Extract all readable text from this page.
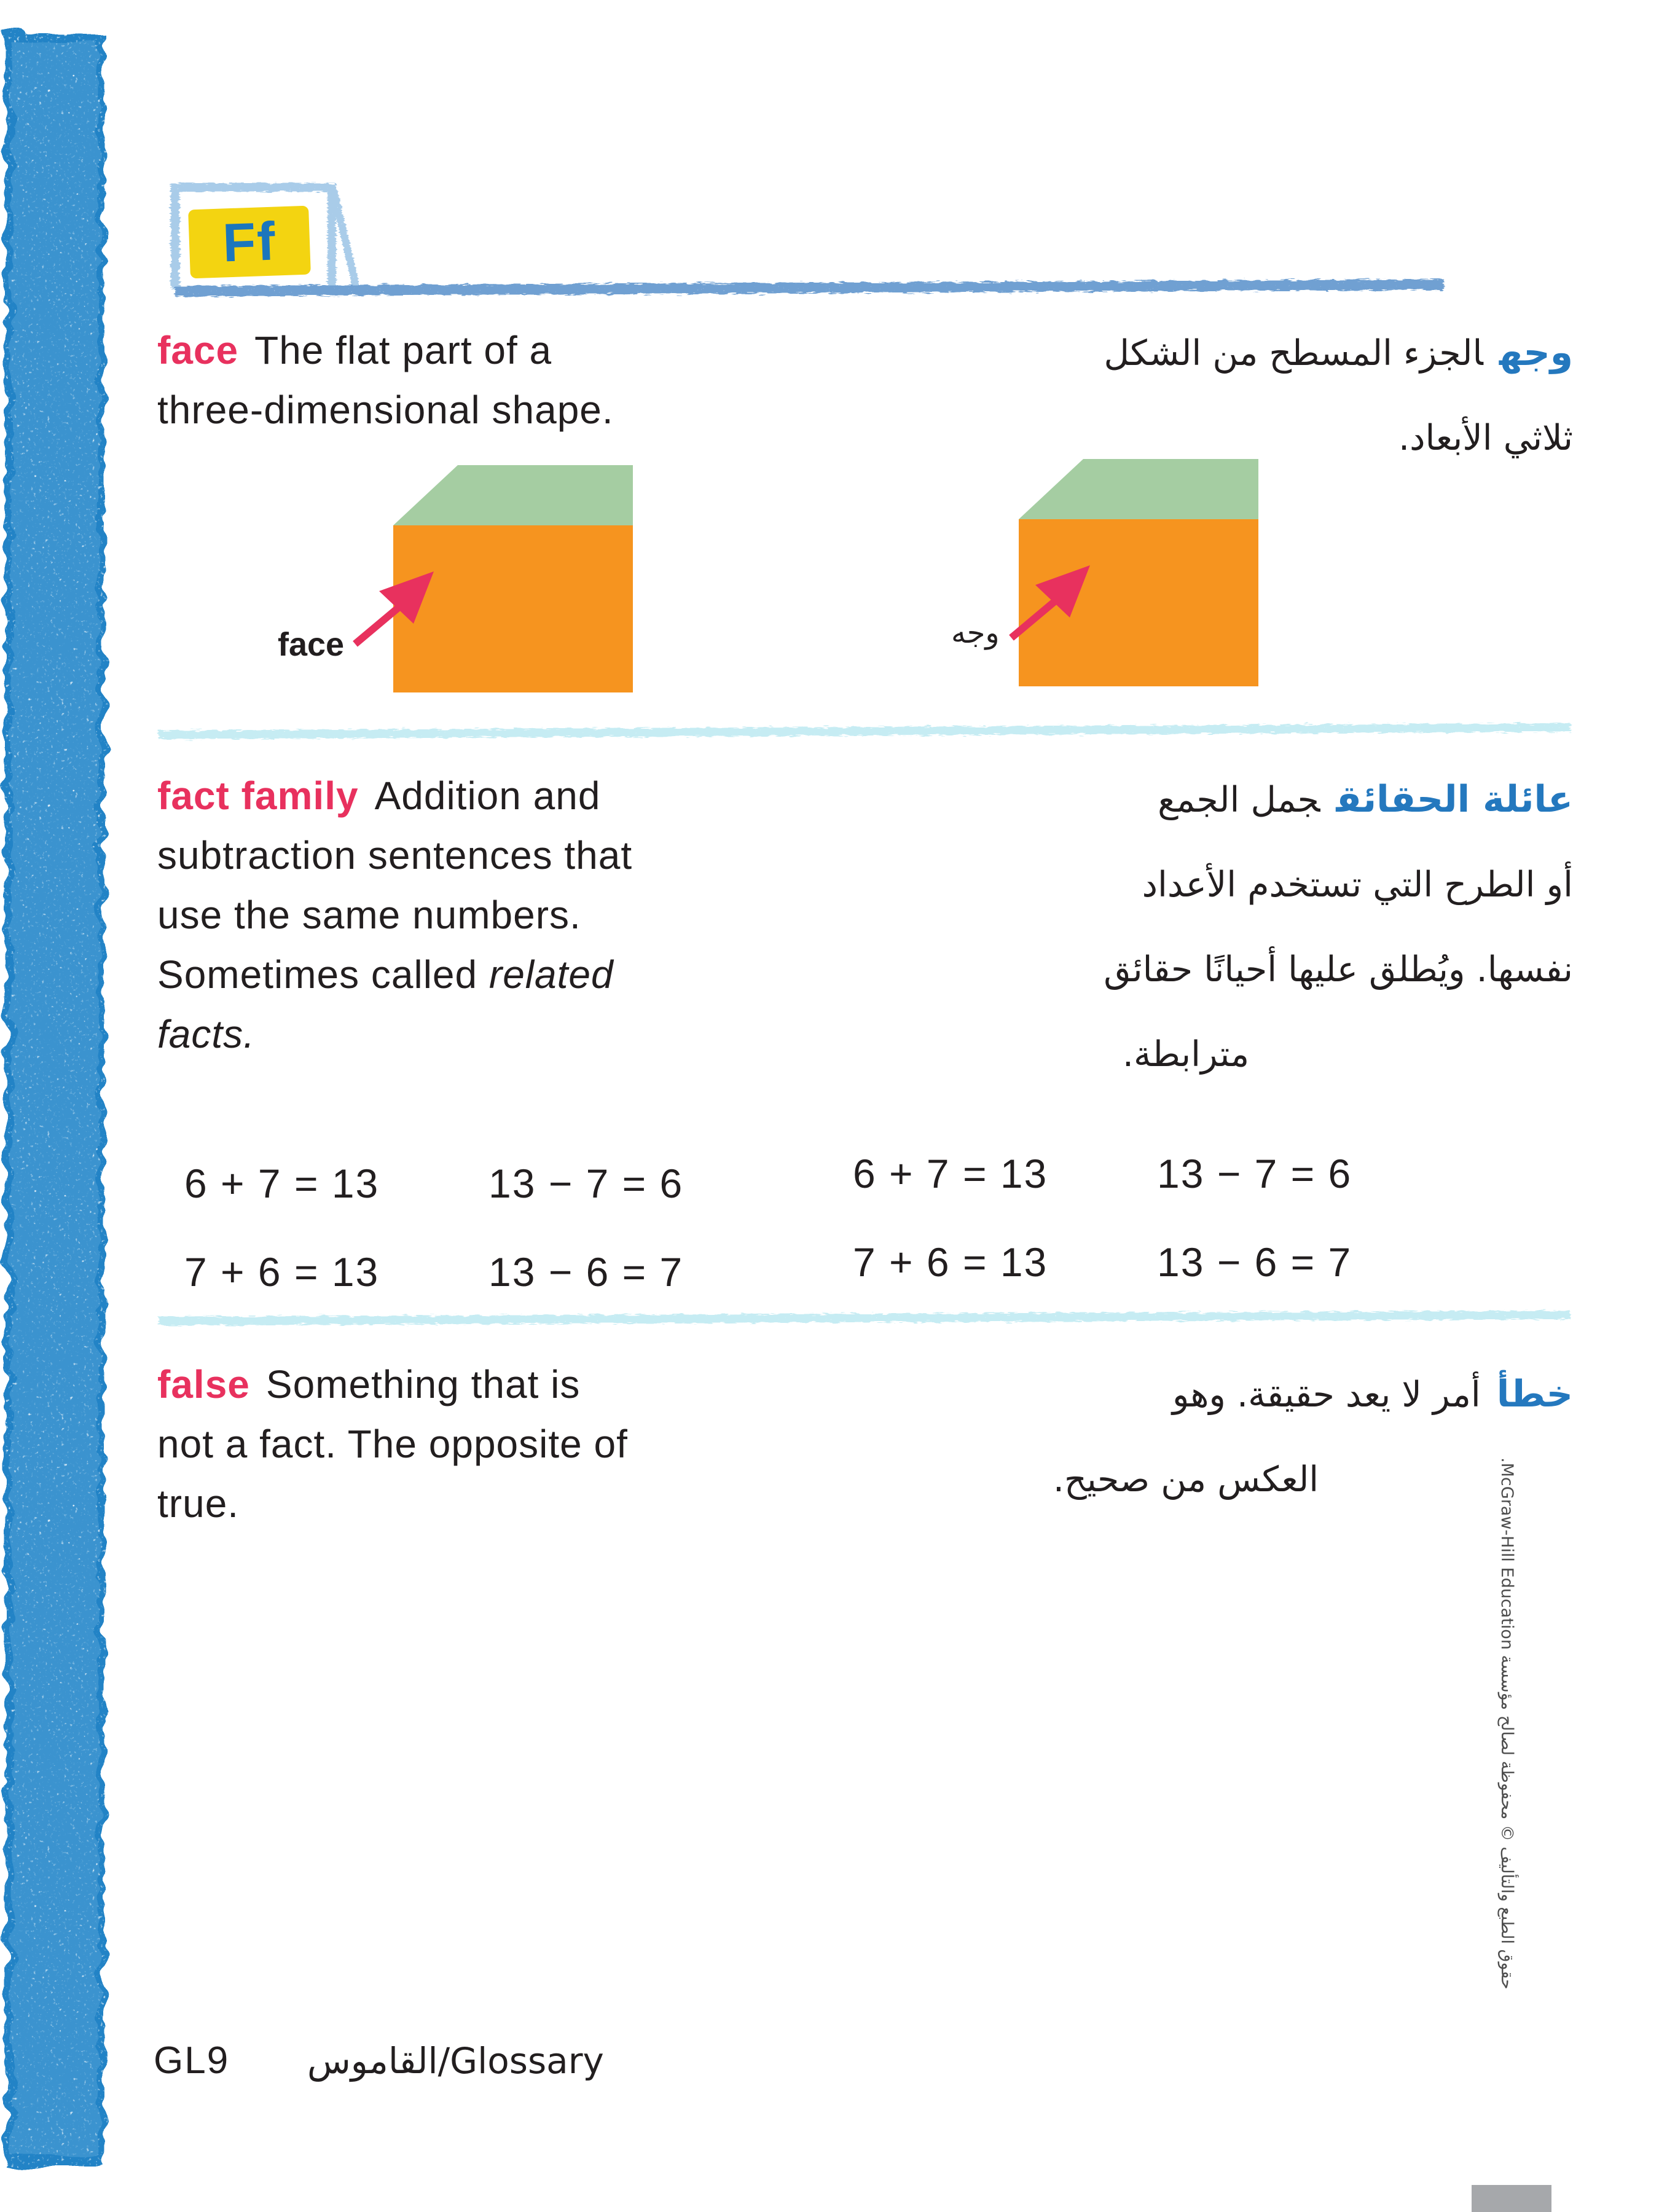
Ff
face The flat part of a
three-dimensional shape.
وجهالجزء المسطح من الشكل
ثلاثي الأبعاد.
face	وجه
fact family Addition and
subtraction sentences that
use the same numbers.
Sometimes called related
facts.
عائلة الحقائقجمل الجمع
أو الطرح التي تستخدم الأعداد
نفسها. ويُطلق عليها أحيانًا حقائق
مترابطة.
6 + 7 = 13	13 − 7 = 6
7 + 6 = 13	13 − 6 = 7
6 + 7 = 13	13 − 7 = 6
7 + 6 = 13	13 − 6 = 7
false Something that is
not a fact. The opposite of
true.
خطأأمر لا يعد حقيقة. وهو
العكس من صحيح.
GL9 القاموس/Glossary
حقوق الطبع والتأليف © محفوظة لصالح مؤسسة McGraw-Hill Education.
